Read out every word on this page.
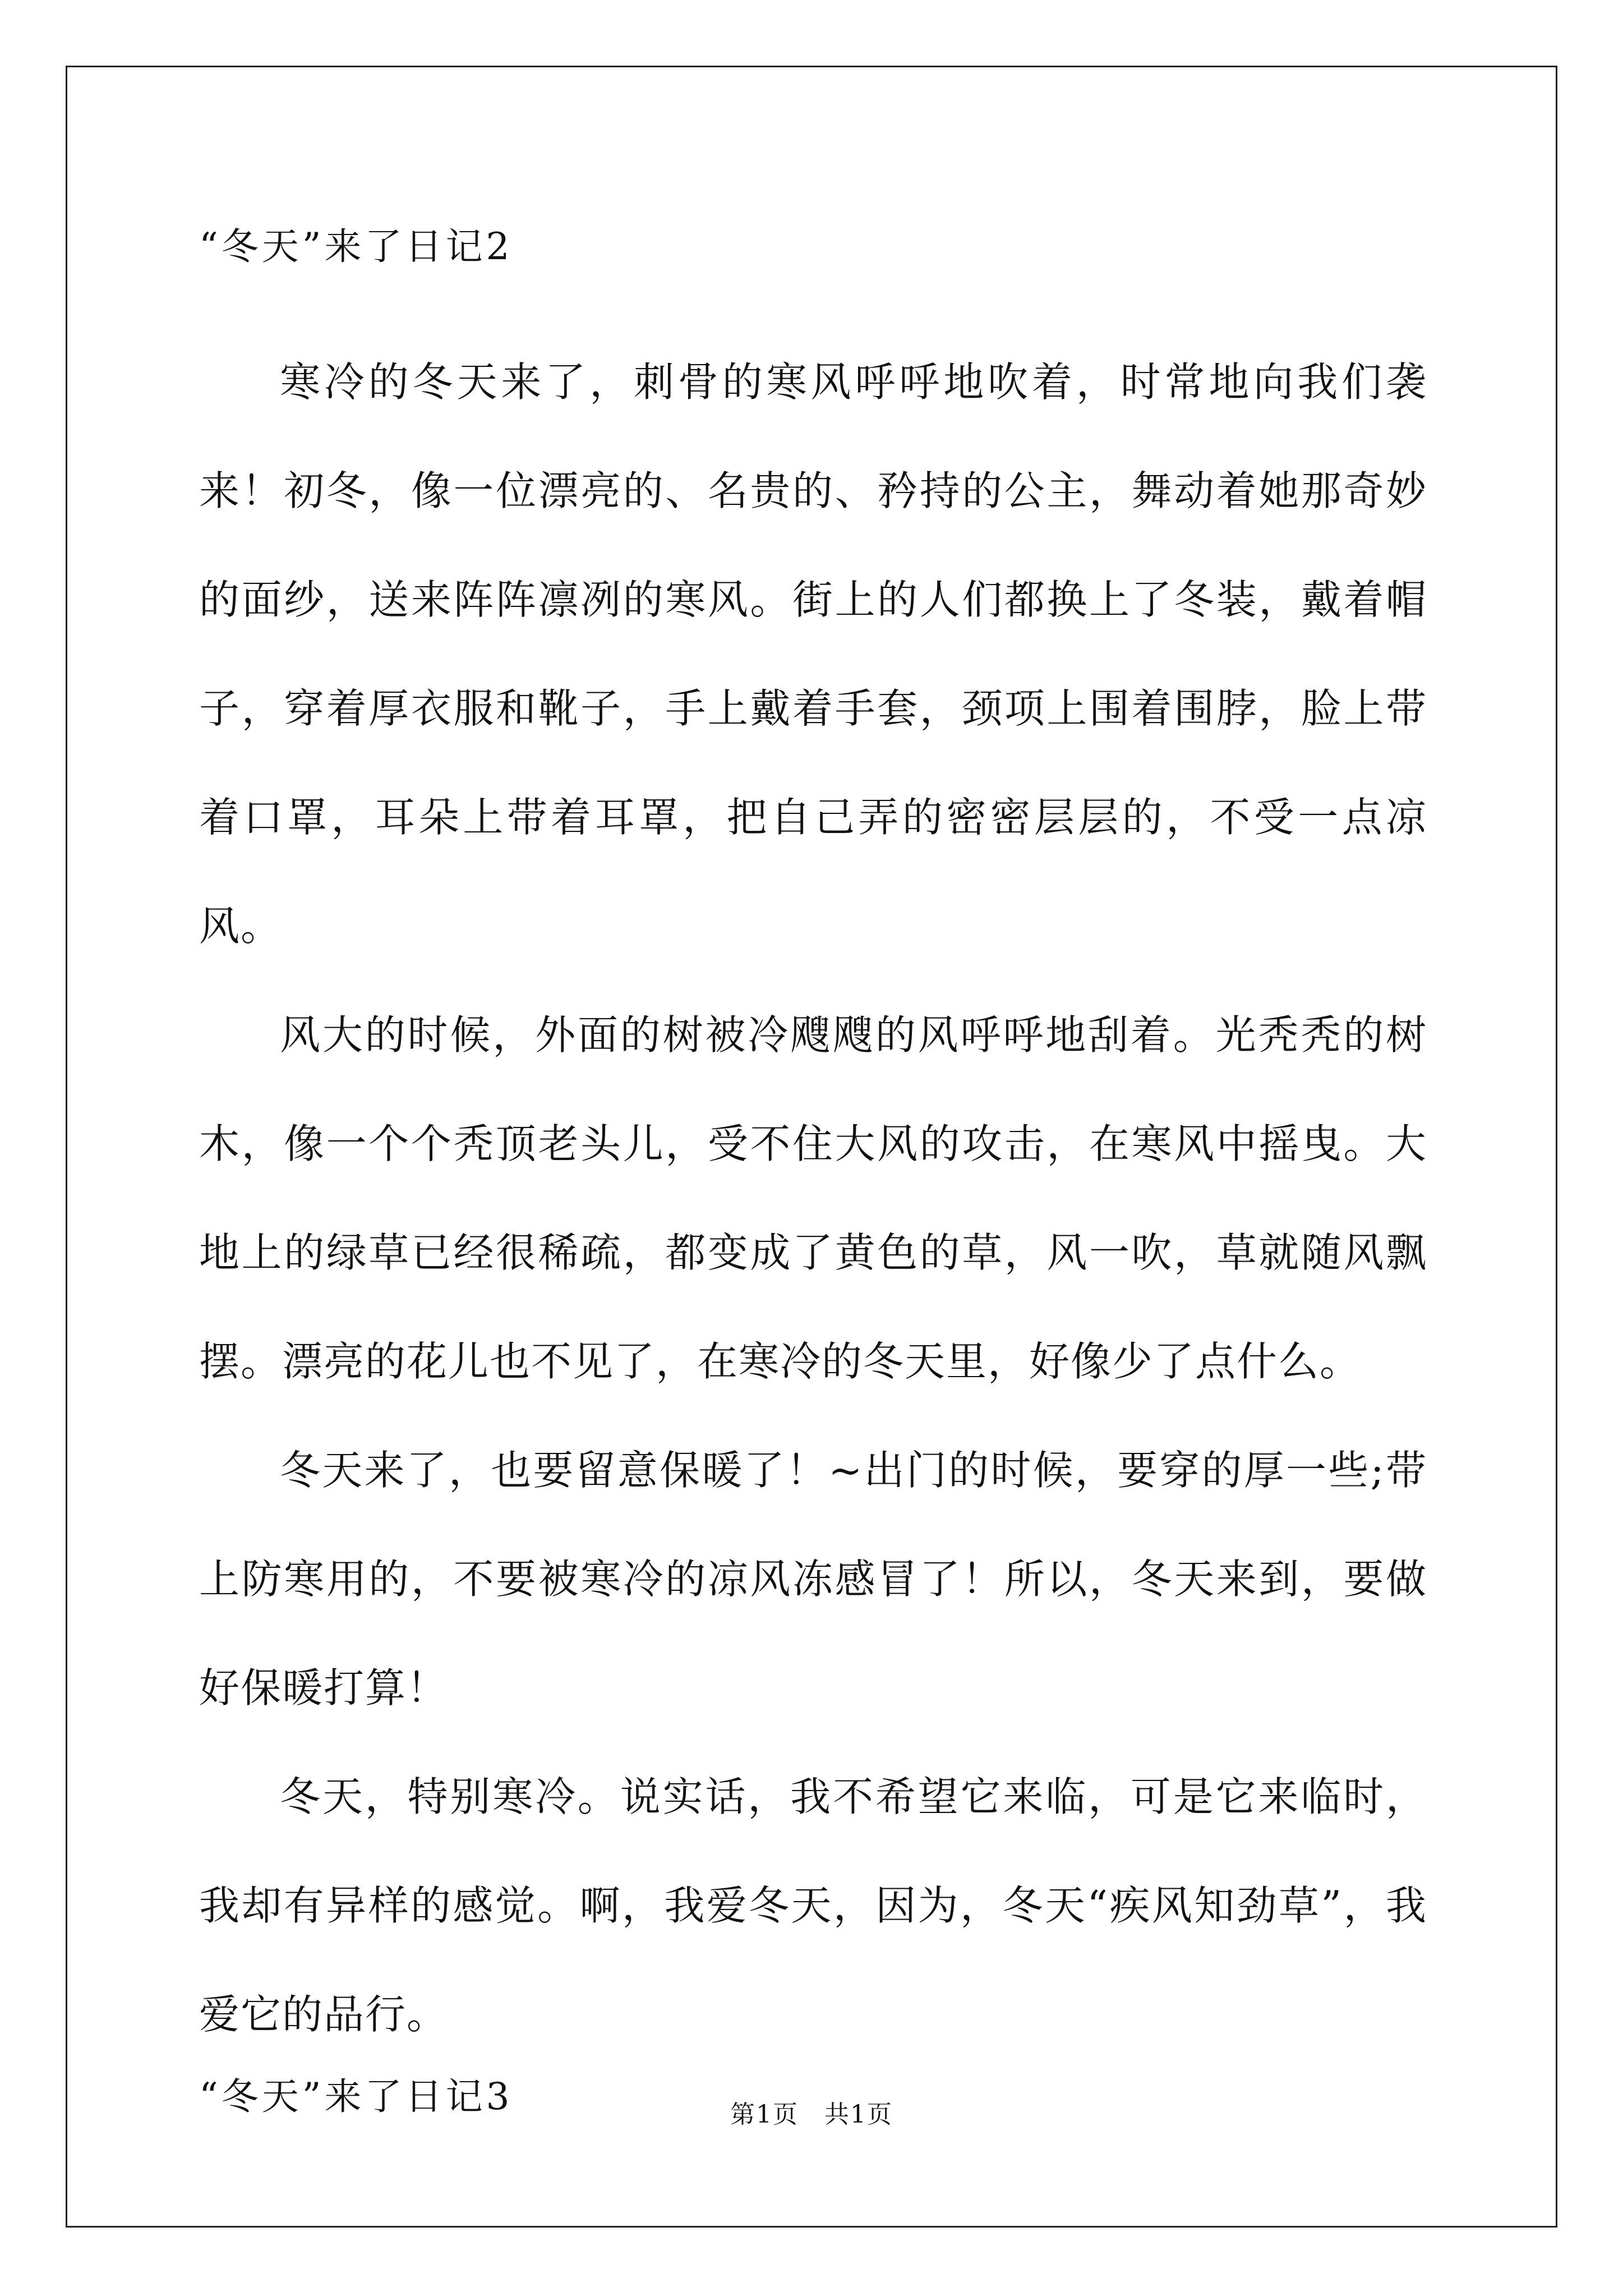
“冬天”来了日记2

寒冷的冬天来了，刺骨的寒风呼呼地吹着，时常地向我们袭来！初冬，像一位漂亮的、名贵的、矜持的公主，舞动着她那奇妙的面纱，送来阵阵凛冽的寒风。街上的人们都换上了冬装，戴着帽子，穿着厚衣服和靴子，手上戴着手套，颈项上围着围脖，脸上带着口罩，耳朵上带着耳罩，把自己弄的密密层层的，不受一点凉风。

风大的时候，外面的树被冷飕飕的风呼呼地刮着。光秃秃的树木，像一个个秃顶老头儿，受不住大风的攻击，在寒风中摇曳。大地上的绿草已经很稀疏，都变成了黄色的草，风一吹，草就随风飘摆。漂亮的花儿也不见了，在寒冷的冬天里，好像少了点什么。

冬天来了，也要留意保暖了！~出门的时候，要穿的厚一些;带上防寒用的，不要被寒冷的凉风冻感冒了！所以，冬天来到，要做好保暖打算！

冬天，特别寒冷。说实话，我不希望它来临，可是它来临时，我却有异样的感觉。啊，我爱冬天，因为，冬天“疾风知劲草”，我爱它的品行。

“冬天”来了日记3	第1页　共1页
